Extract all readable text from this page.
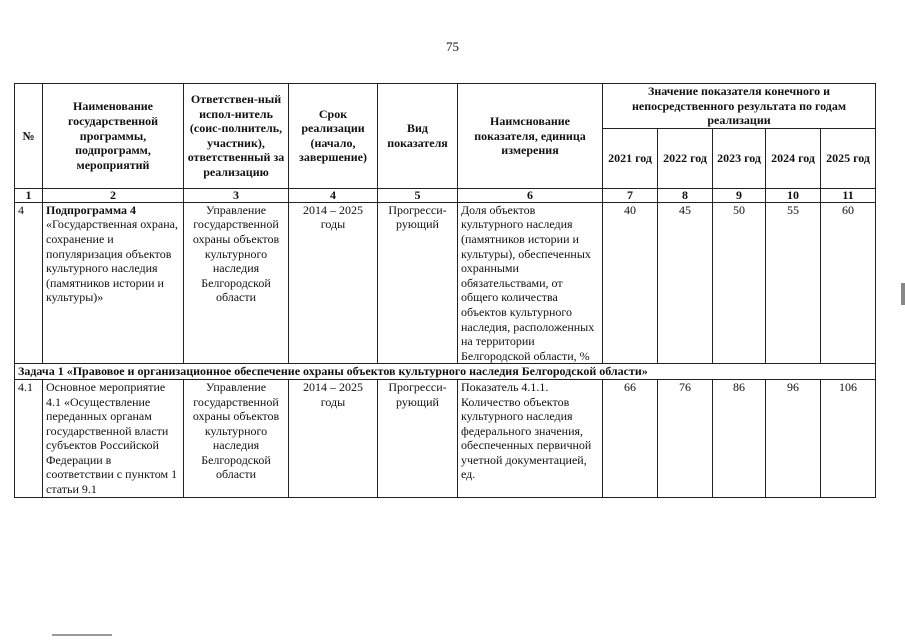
75
№	Наименование государственной программы, подпрограмм, мероприятий	Ответствен-ный испол-нитель (соис-полнитель, участник), ответственный за реализацию	Срок реализации (начало, завершение)	Вид показателя	Наимснование показателя, единица измерения	Значение показателя конечного и непосредственного результата по годам реализации				
						2021 год	2022 год	2023 год	2024 год	2025 год
1	2	3	4	5	6	7	8	9	10	11
4	Подпрограмма 4 «Государственная охрана, сохранение и популяризация объектов культурного наследия (памятников истории и культуры)»	Управление государственной охраны объектов культурного наследия Белгородской области	2014 – 2025 годы	Прогресси-рующий	Доля объектов культурного наследия (памятников истории и культуры), обеспеченных охранными обязательствами, от общего количества объектов культурного наследия, расположенных на территории Белгородской области, %	40	45	50	55	60
Задача 1 «Правовое и организационное обеспечение охраны объектов культурного наследия Белгородской области»										
4.1	Основное мероприятие 4.1 «Осуществление переданных органам государственной власти субъектов Российской Федерации в соответствии с пунктом 1 статьи 9.1	Управление государственной охраны объектов культурного наследия Белгородской области	2014 – 2025 годы	Прогресси-рующий	Показатель 4.1.1. Количество объектов культурного наследия федерального значения, обеспеченных первичной учетной документацией, ед.	66	76	86	96	106
